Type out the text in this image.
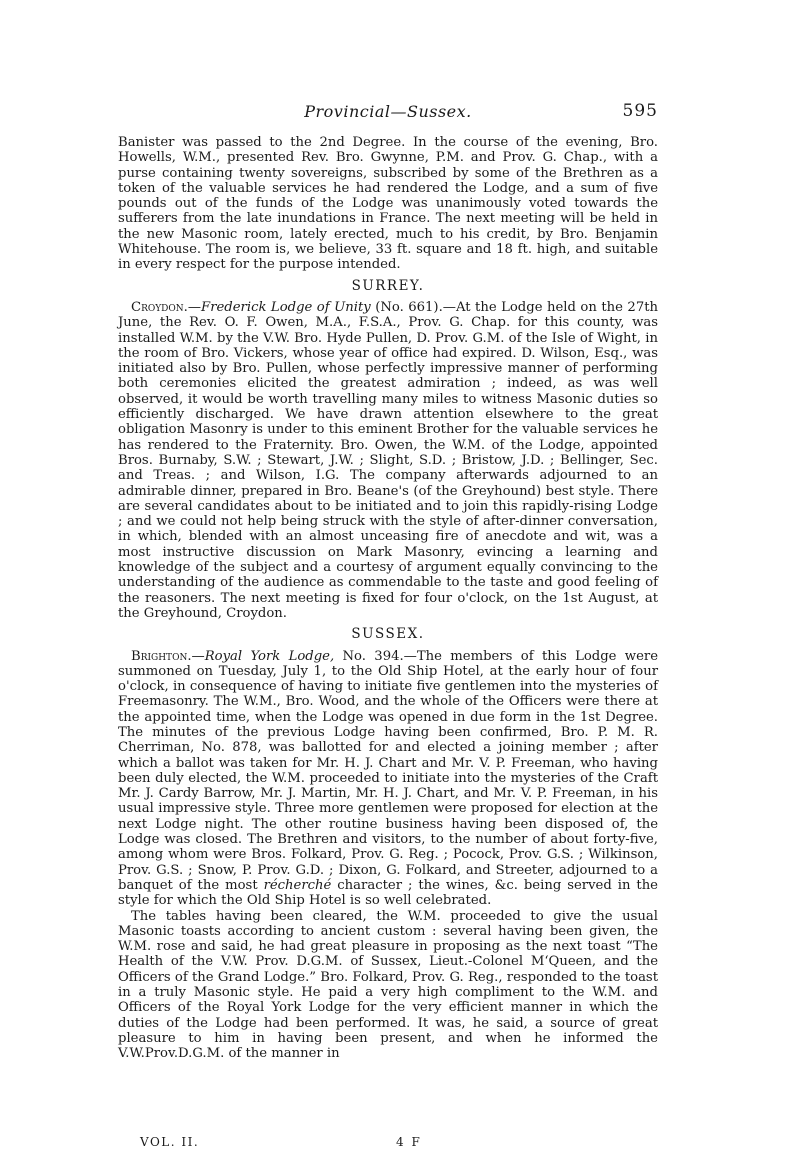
Provincial—Sussex.	595

Banister was passed to the 2nd Degree. In the course of the evening, Bro. Howells, W.M., presented Rev. Bro. Gwynne, P.M. and Prov. G. Chap., with a purse containing twenty sovereigns, subscribed by some of the Brethren as a token of the valuable services he had rendered the Lodge, and a sum of five pounds out of the funds of the Lodge was unanimously voted towards the sufferers from the late inundations in France. The next meeting will be held in the new Masonic room, lately erected, much to his credit, by Bro. Benjamin Whitehouse. The room is, we believe, 33 ft. square and 18 ft. high, and suitable in every respect for the purpose intended.

SURREY.

Croydon.—Frederick Lodge of Unity (No. 661).—At the Lodge held on the 27th June, the Rev. O. F. Owen, M.A., F.S.A., Prov. G. Chap. for this county, was installed W.M. by the V.W. Bro. Hyde Pullen, D. Prov. G.M. of the Isle of Wight, in the room of Bro. Vickers, whose year of office had expired. D. Wilson, Esq., was initiated also by Bro. Pullen, whose perfectly impressive manner of performing both ceremonies elicited the greatest admiration ; indeed, as was well observed, it would be worth travelling many miles to witness Masonic duties so efficiently discharged. We have drawn attention elsewhere to the great obligation Masonry is under to this eminent Brother for the valuable services he has rendered to the Fraternity. Bro. Owen, the W.M. of the Lodge, appointed Bros. Burnaby, S.W. ; Stewart, J.W. ; Slight, S.D. ; Bristow, J.D. ; Bellinger, Sec. and Treas. ; and Wilson, I.G. The company afterwards adjourned to an admirable dinner, prepared in Bro. Beane's (of the Greyhound) best style. There are several candidates about to be initiated and to join this rapidly-rising Lodge ; and we could not help being struck with the style of after-dinner conversation, in which, blended with an almost unceasing fire of anecdote and wit, was a most instructive discussion on Mark Masonry, evincing a learning and knowledge of the subject and a courtesy of argument equally convincing to the understanding of the audience as commendable to the taste and good feeling of the reasoners. The next meeting is fixed for four o'clock, on the 1st August, at the Greyhound, Croydon.

SUSSEX.

Brighton.—Royal York Lodge, No. 394.—The members of this Lodge were summoned on Tuesday, July 1, to the Old Ship Hotel, at the early hour of four o'clock, in consequence of having to initiate five gentlemen into the mysteries of Freemasonry. The W.M., Bro. Wood, and the whole of the Officers were there at the appointed time, when the Lodge was opened in due form in the 1st Degree. The minutes of the previous Lodge having been confirmed, Bro. P. M. R. Cherriman, No. 878, was ballotted for and elected a joining member ; after which a ballot was taken for Mr. H. J. Chart and Mr. V. P. Freeman, who having been duly elected, the W.M. proceeded to initiate into the mysteries of the Craft Mr. J. Cardy Barrow, Mr. J. Martin, Mr. H. J. Chart, and Mr. V. P. Freeman, in his usual impressive style. Three more gentlemen were proposed for election at the next Lodge night. The other routine business having been disposed of, the Lodge was closed. The Brethren and visitors, to the number of about forty-five, among whom were Bros. Folkard, Prov. G. Reg. ; Pocock, Prov. G.S. ; Wilkinson, Prov. G.S. ; Snow, P. Prov. G.D. ; Dixon, G. Folkard, and Streeter, adjourned to a banquet of the most récherché character ; the wines, &c. being served in the style for which the Old Ship Hotel is so well celebrated.

The tables having been cleared, the W.M. proceeded to give the usual Masonic toasts according to ancient custom : several having been given, the W.M. rose and said, he had great pleasure in proposing as the next toast “The Health of the V.W. Prov. D.G.M. of Sussex, Lieut.-Colonel M‘Queen, and the Officers of the Grand Lodge.” Bro. Folkard, Prov. G. Reg., responded to the toast in a truly Masonic style. He paid a very high compliment to the W.M. and Officers of the Royal York Lodge for the very efficient manner in which the duties of the Lodge had been performed. It was, he said, a source of great pleasure to him in having been present, and when he informed the V.W.Prov.D.G.M. of the manner in

VOL. II.	4 F
